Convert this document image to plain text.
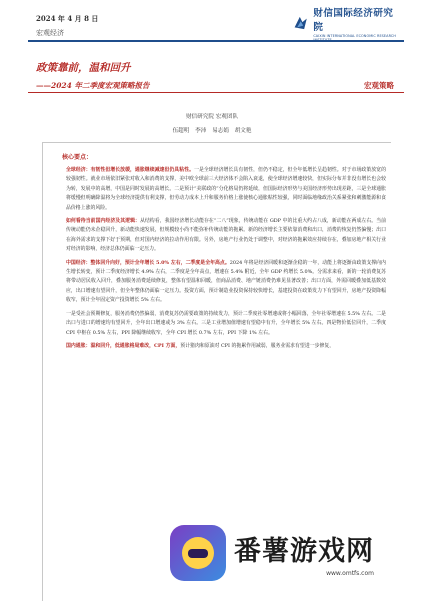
2024 年 4 月 8 日
宏观经济
财信国际经济研究院
CAIXIN INTERNATIONAL ECONOMIC RESEARCH
政策靠前，温和回升
——2024 年二季度宏观策略报告	宏观策略
财信研究院 宏观团队
伍超明 李沛 易志娟 胡文艳
核心要点：

全球经济：有韧性但增长放缓，通胀继续减速但仍具粘性。一是全球经济增长具有韧性，但仍不稳定，但全年低增长呈趋韧性。对于市场政策放宽的较强韧性。就业市场依旧紧张对收入和消费的支撑，美中欧全球前三大经济体不会陷入衰退，使全球经济增速较快，但实际分布并非没有增长也会较为转，发展中的高增，中国是同时发展的高增长。二是预计“美联政的”分化格局仍将延续，但国际经济形势与美国经济形势出现差距，三是全球通胀将缓慢但明确降温将为全球经济提供有利支撑，但劳动力成本上升和服务价格上涨使核心通胀粘性较强，同时面临地缘政治关系紧张和刺激能源和食品价格上涨的风险。

如何看待当前国内经济及其逻辑：从结构看，我国经济增长动能存在“二八”现象，传统动能在 GDP 中的比重大约占八成，新动能在两成左右。当前传统动能仍未企稳回升，新动能快速发展，但规模较小尚不能弥补传统动能的拖累。新的经济增长主要依靠消费和出口，消费的恢复仍然偏慢；出口在海外需求的支撑下好于预期，但对国内经济的拉动作用有限。另外，房地产行业仍处于调整中，对经济的拖累效应持续存在，叠加房地产相关行业对经济的影响，经济总体仍面临一定压力。

中国经济：整体回升向好，预计全年增长 5.0% 左右，二季度是全年高点。2024 年将是经济回暖和逐渐企稳的一年，动能上将逐渐由政策支撑向内生增长转变，预计二季度经济增长 4.9% 左右，二季度是全年高点，增速在 5.4% 附近，全年 GDP 约增长 5.0%。分需求来看，新的一轮消费复苏将带动居民收入回升，叠加服务消费延续修复，整体有望温和回暖，但商品消费、地产链消费仍难见显著改善；出口方面，外需回暖叠加低基数效应，出口增速有望回升，但全年整体仍面临一定压力。投资方面，预计制造业投资保持较快增长，基建投资在政策发力下有望回升，房地产投资降幅收窄，预计全年固定资产投资增长 5% 左右。

一是受社会预期修复，服务消费仍然偏弱，消费复苏仍需要政策的持续发力，预计二季度社零增速或将小幅回落，全年社零增速在 5.5% 左右。二是出口与进口的增速均有望回升，全年出口增速或为 3% 左右。三是工业增加值增速有望稳中有升，全年增长 5% 左右。四是物价低位回升，二季度 CPI 中枢在 0.5% 左右，PPI 降幅继续收窄，全年 CPI 增长 0.7% 左右，PPI 下降 1% 左右。

国内通胀：温和回升，低通胀格局难改，CPI 方面，预计猪肉和原油对 CPI 的拖累作用减弱，服务业需求有望进一步修复，

番薯游戏网
www.omtfs.com
